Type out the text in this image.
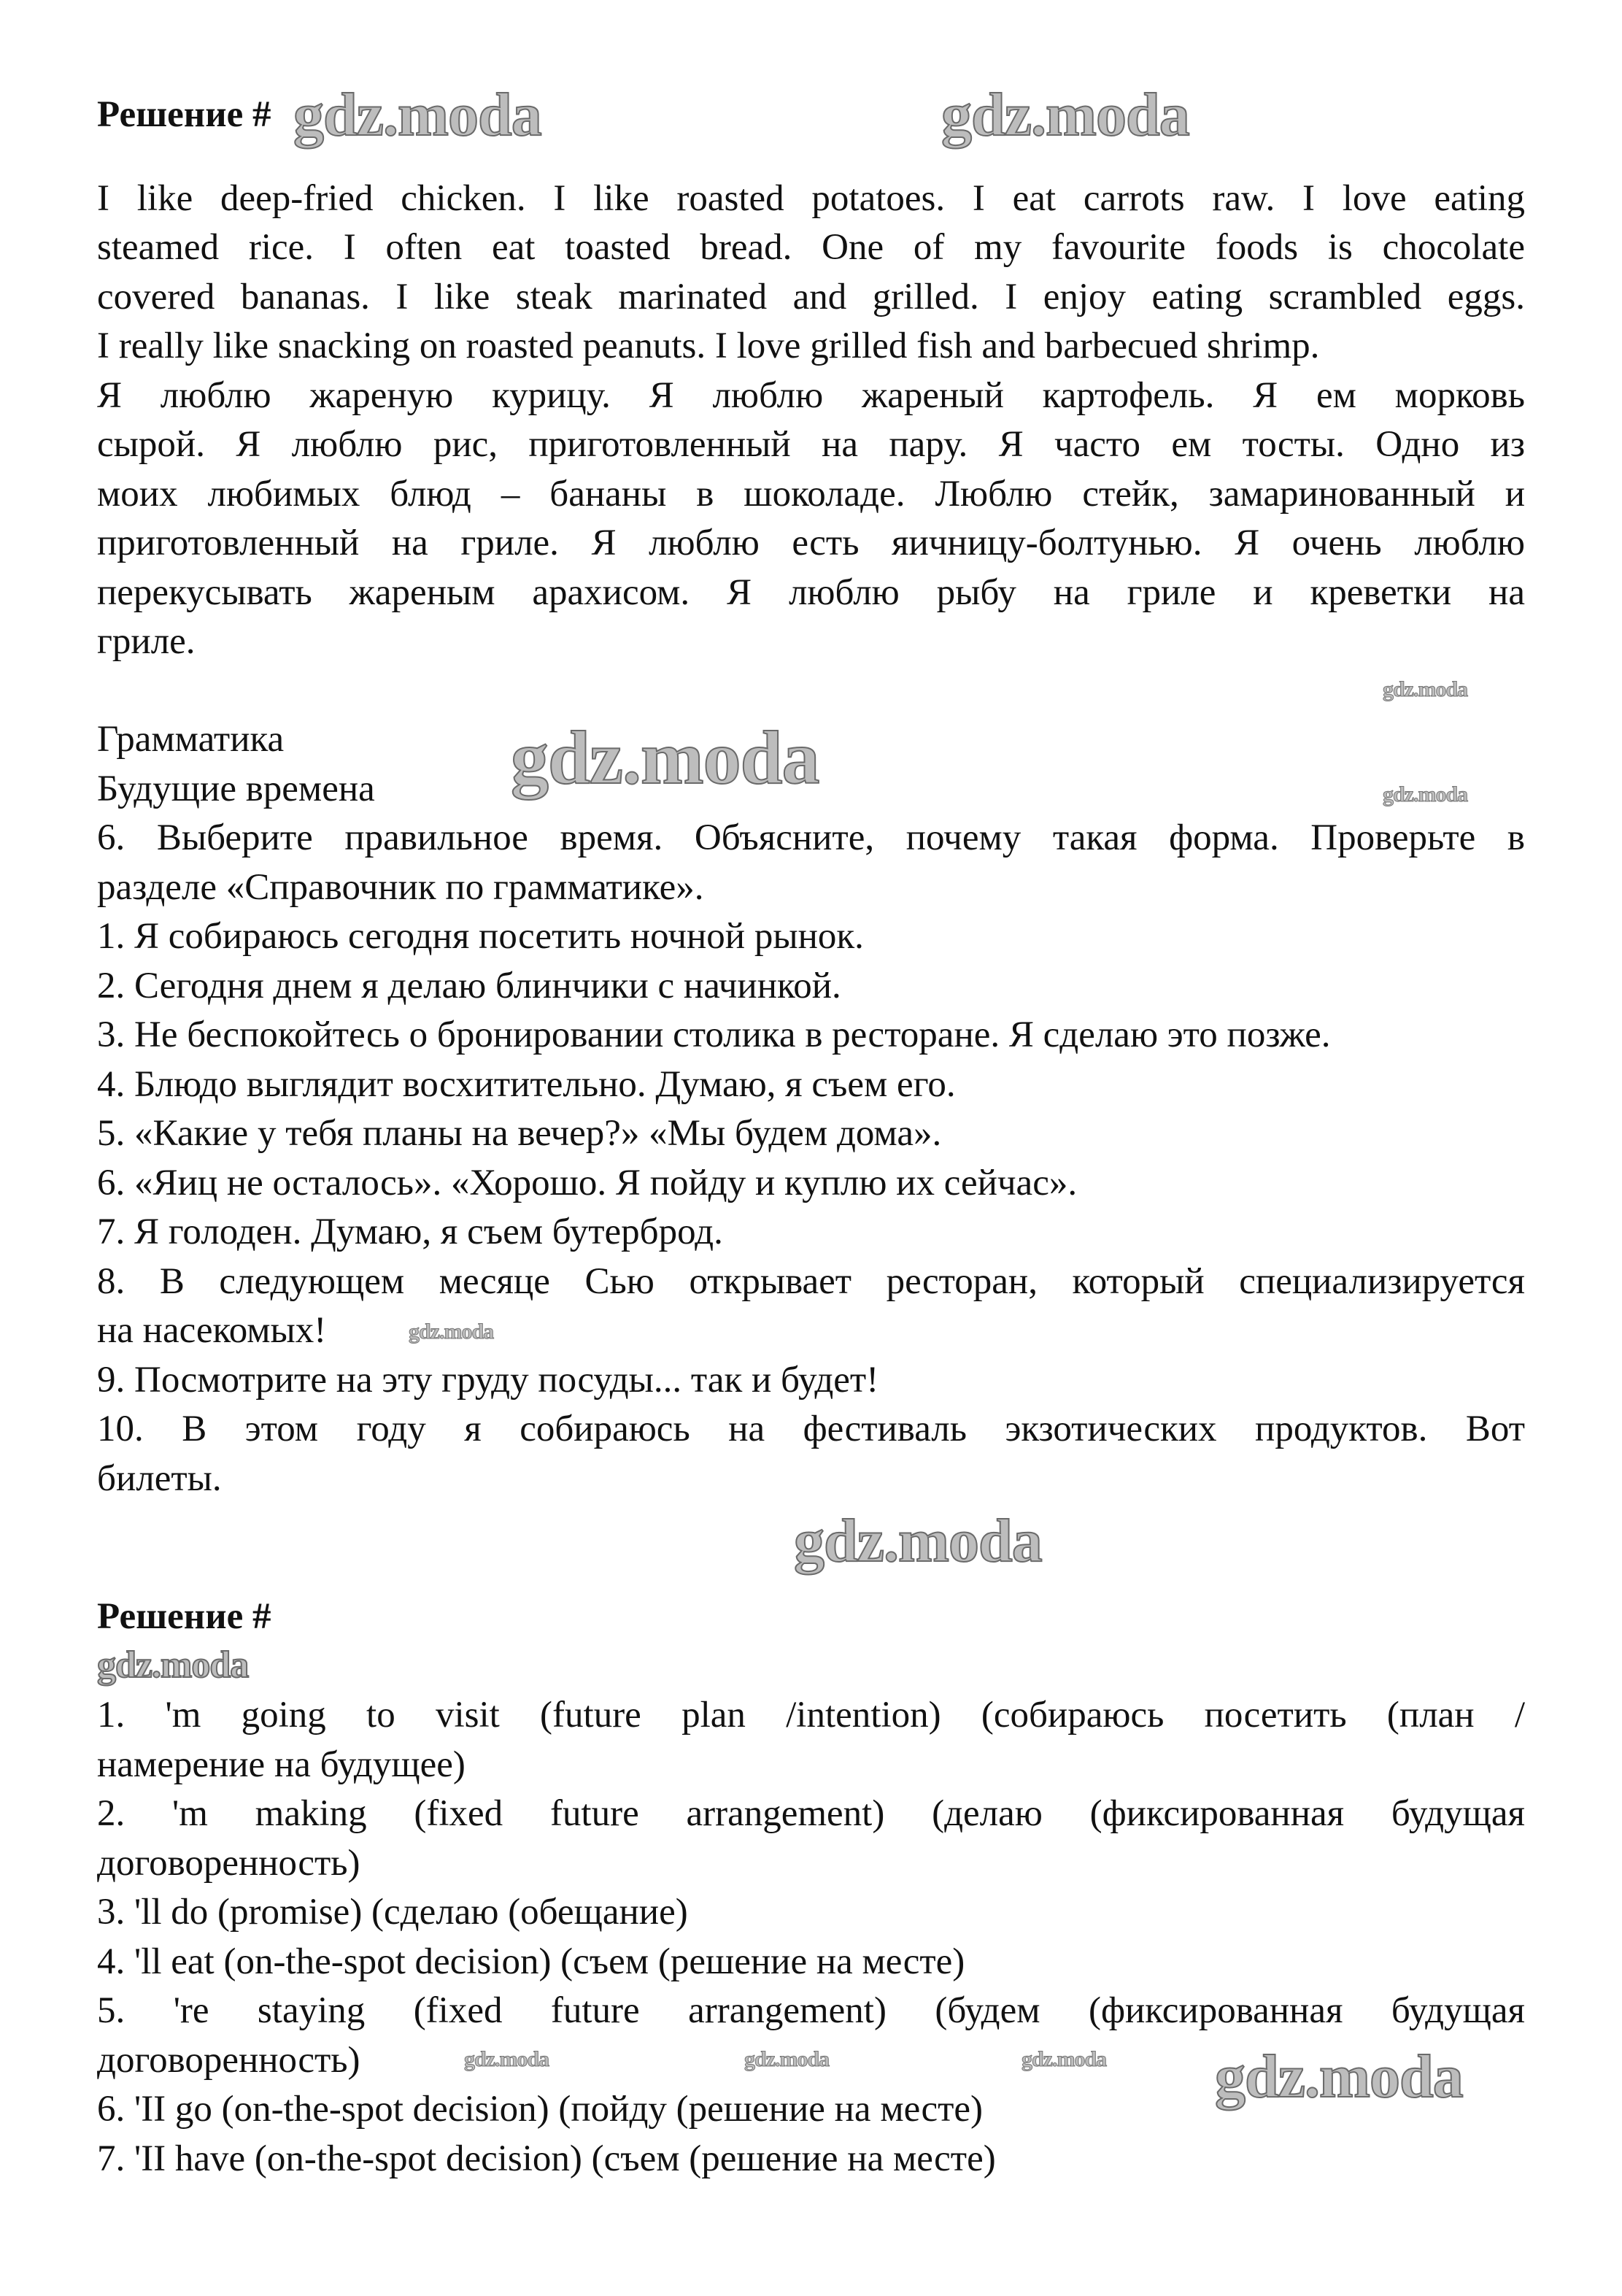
Решение #
I like deep-fried chicken. I like roasted potatoes. I eat carrots raw. I love eating
steamed rice. I often eat toasted bread. One of my favourite foods is chocolate
covered bananas. I like steak marinated and grilled. I enjoy eating scrambled eggs.
I really like snacking on roasted peanuts. I love grilled fish and barbecued shrimp.
Я люблю жареную курицу. Я люблю жареный картофель. Я ем морковь
сырой. Я люблю рис, приготовленный на пару. Я часто ем тосты. Одно из
моих любимых блюд – бананы в шоколаде. Люблю стейк, замаринованный и
приготовленный на гриле. Я люблю есть яичницу-болтунью. Я очень люблю
перекусывать жареным арахисом. Я люблю рыбу на гриле и креветки на
гриле.
Грамматика
Будущие времена
6. Выберите правильное время. Объясните, почему такая форма. Проверьте в
разделе «Справочник по грамматике».
1. Я собираюсь сегодня посетить ночной рынок.
2. Сегодня днем я делаю блинчики с начинкой.
3. Не беспокойтесь о бронировании столика в ресторане. Я сделаю это позже.
4. Блюдо выглядит восхитительно. Думаю, я съем его.
5. «Какие у тебя планы на вечер?» «Мы будем дома».
6. «Яиц не осталось». «Хорошо. Я пойду и куплю их сейчас».
7. Я голоден. Думаю, я съем бутерброд.
8. В следующем месяце Сью открывает ресторан, который специализируется
на насекомых!
9. Посмотрите на эту груду посуды... так и будет!
10. В этом году я собираюсь на фестиваль экзотических продуктов. Вот
билеты.
Решение #

1. 'm going to visit (future plan /intention) (собираюсь посетить (план /
намерение на будущее)
2. 'm making (fixed future arrangement) (делаю (фиксированная будущая
договоренность)
3. 'll do (promise) (сделаю (обещание)
4. 'll eat (on-the-spot decision) (съем (решение на месте)
5. 're staying (fixed future arrangement) (будем (фиксированная будущая
договоренность)
6. 'II go (on-the-spot decision) (пойду (решение на месте)
7. 'II have (on-the-spot decision) (съем (решение на месте)
gdz.moda	gdz.moda
gdz.moda
gdz.moda	gdz.moda
gdz.moda
gdz.moda
gdz.moda
gdz.moda
gdz.moda	gdz.moda	gdz.moda
